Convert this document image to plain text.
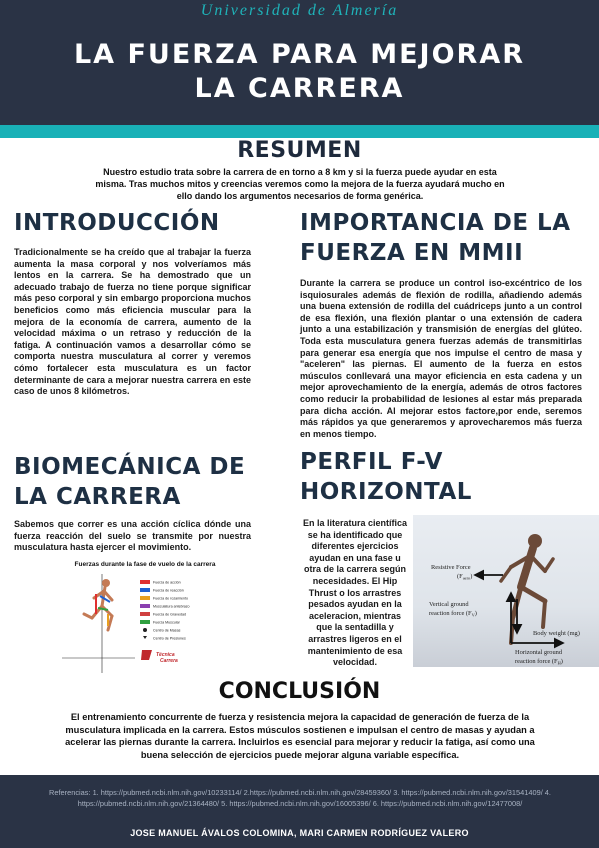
Universidad de Almería
LA FUERZA PARA MEJORAR
LA CARRERA
RESUMEN
Nuestro estudio trata sobre la carrera de en torno a 8 km y si la fuerza puede ayudar en esta misma. Tras muchos mitos y creencias veremos como la mejora de la fuerza ayudará mucho en ello dando los argumentos necesarios de forma genérica.
INTRODUCCIÓN
Tradicionalmente se ha creído que al trabajar la fuerza aumenta la masa corporal y nos volveríamos más lentos en la carrera. Se ha demostrado que un adecuado trabajo de fuerza no tiene porque significar más peso corporal y sin embargo proporciona muchos beneficios como más eficiencia muscular para la mejora de la economía de carrera, aumento de la velocidad máxima o un retraso y reducción de la fatiga. A continuación vamos a desarrollar cómo se comporta nuestra musculatura al correr y veremos cómo fortalecer esta musculatura es un factor determinante de cara a mejorar nuestra carrera en este caso de unos 8 kilómetros.
IMPORTANCIA DE LA
FUERZA EN MMII
Durante la carrera se produce un control iso-excéntrico de los isquiosurales además de flexión de rodilla, añadiendo además una buena extensión de rodilla del cuádriceps junto a un control de esa flexión, una flexión plantar o una extensión de cadera junto a una estabilización y transmisión de energías del glúteo. Toda esta musculatura genera fuerzas además de transmitirlas para generar esa energía que nos impulse el centro de masa y "aceleren" las piernas. El aumento de la fuerza en estos músculos conllevará una mayor eficiencia en esta cadena y un mejor aprovechamiento de la energía, además de otros factores como reducir la probabilidad de lesiones al estar más preparada para dicha acción. Al mejorar estos factore,por ende, seremos más rápidos ya que generaremos y aprovecharemos más fuerza en menos tiempo.
BIOMECÁNICA DE
LA CARRERA
Sabemos que correr es una acción cíclica dónde una fuerza reacción del suelo se transmite por nuestra musculatura hasta ejercer el movimiento.
Fuerzas durante la fase de vuelo de la carrera
Fuerza de acción
Fuerza de reacción
Fuerza de rozamiento
Musculatura antebrazo
Fuerza de Gravedad
Fuerza Muscular
Centro de Masas
Centro de Presiones
Técnica
Carrera
PERFIL F-V
HORIZONTAL
En la literatura científica se ha identificado que diferentes ejercicios ayudan en una fase u otra de la carrera según necesidades. El Hip Thrust o los arrastres pesados ayudan en la aceleracion, mientras que la sentadilla y arrastres ligeros en el mantenimiento de esa velocidad.
Resistive Force
$(F_{aero})$
Vertical ground
reaction force $(F_V)$
Body weight (mg)
Horizontal ground
reaction force $(F_H)$
CONCLUSIÓN
El entrenamiento concurrente de fuerza y resistencia mejora la capacidad de generación de fuerza de la musculatura implicada en la carrera. Estos músculos sostienen e impulsan el centro de masas y ayudan a acelerar las piernas durante la carrera. Incluirlos es esencial para mejorar y reducir la fatiga, así como una buena selección de ejercicios puede mejorar alguna variable específica.
Referencias: 1. https://pubmed.ncbi.nlm.nih.gov/10233114/ 2.https://pubmed.ncbi.nlm.nih.gov/28459360/ 3. https://pubmed.ncbi.nlm.nih.gov/31541409/ 4. https://pubmed.ncbi.nlm.nih.gov/21364480/ 5. https://pubmed.ncbi.nlm.nih.gov/16005396/ 6. https://pubmed.ncbi.nlm.nih.gov/12477008/
JOSE MANUEL ÁVALOS COLOMINA, MARI CARMEN RODRÍGUEZ VALERO
